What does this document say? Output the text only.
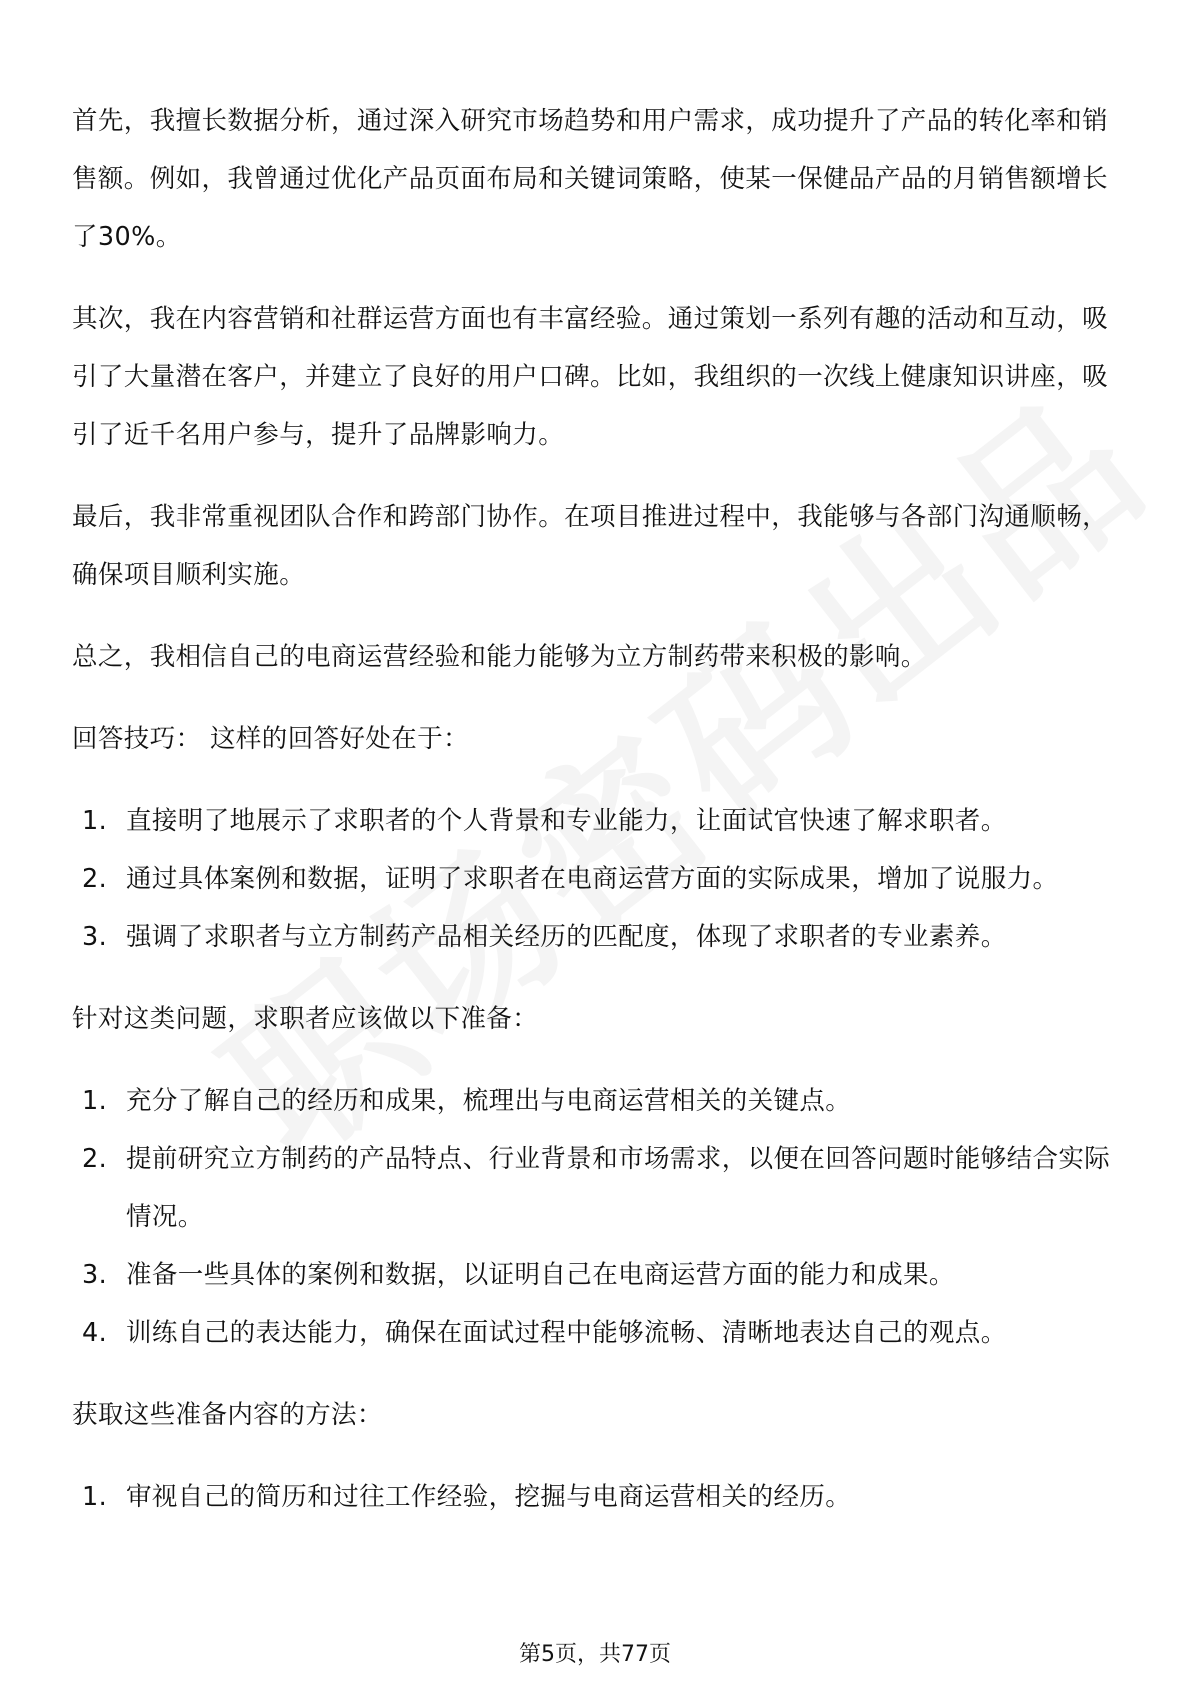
首先，我擅长数据分析，通过深入研究市场趋势和用户需求，成功提升了产品的转化率和销售额。例如，我曾通过优化产品页面布局和关键词策略，使某一保健品产品的月销售额增长了30%。

其次，我在内容营销和社群运营方面也有丰富经验。通过策划一系列有趣的活动和互动，吸引了大量潜在客户，并建立了良好的用户口碑。比如，我组织的一次线上健康知识讲座，吸引了近千名用户参与，提升了品牌影响力。

最后，我非常重视团队合作和跨部门协作。在项目推进过程中，我能够与各部门沟通顺畅，确保项目顺利实施。

总之，我相信自己的电商运营经验和能力能够为立方制药带来积极的影响。

回答技巧： 这样的回答好处在于：

1. 直接明了地展示了求职者的个人背景和专业能力，让面试官快速了解求职者。
2. 通过具体案例和数据，证明了求职者在电商运营方面的实际成果，增加了说服力。
3. 强调了求职者与立方制药产品相关经历的匹配度，体现了求职者的专业素养。

针对这类问题，求职者应该做以下准备：

1. 充分了解自己的经历和成果，梳理出与电商运营相关的关键点。
2. 提前研究立方制药的产品特点、行业背景和市场需求，以便在回答问题时能够结合实际情况。
3. 准备一些具体的案例和数据，以证明自己在电商运营方面的能力和成果。
4. 训练自己的表达能力，确保在面试过程中能够流畅、清晰地表达自己的观点。

获取这些准备内容的方法：

1. 审视自己的简历和过往工作经验，挖掘与电商运营相关的经历。
第5页，共77页
